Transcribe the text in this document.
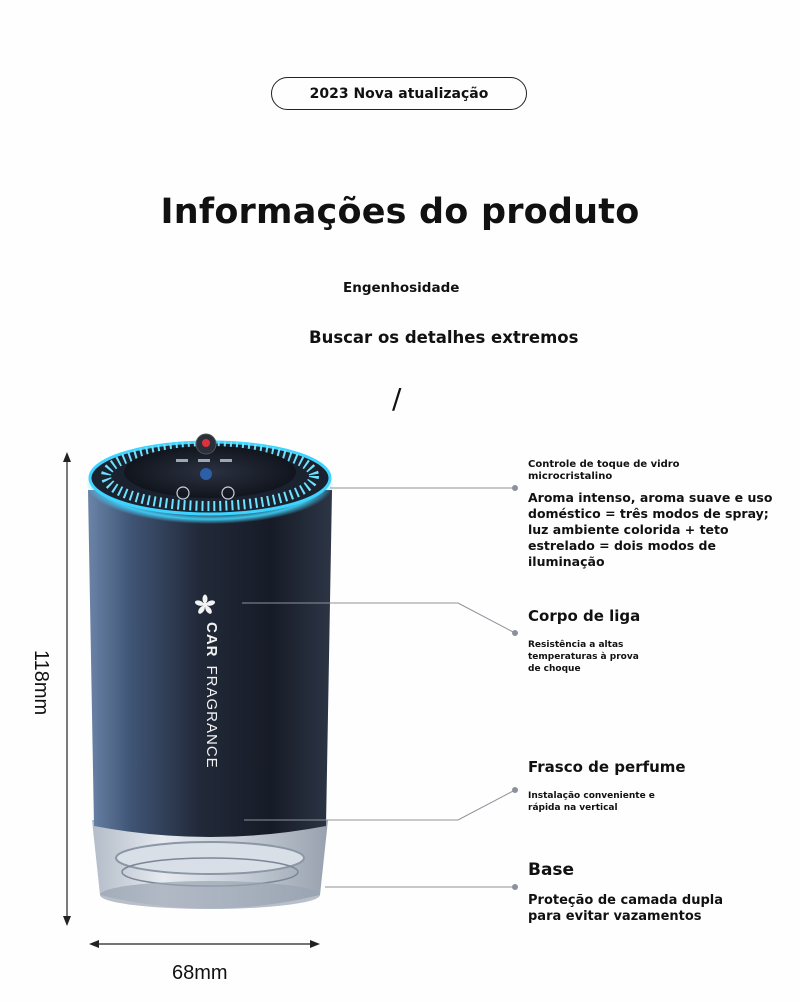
2023 Nova atualização
Informações do produto
Engenhosidade
Buscar os detalhes extremos
/
CARFRAGRANCE
118mm
68mm
Controle de toque de vidro microcristalino
Aroma intenso, aroma suave e uso doméstico = três modos de spray; luz ambiente colorida + teto estrelado = dois modos de iluminação
Corpo de liga
Resistência a altas temperaturas à prova de choque
Frasco de perfume
Instalação conveniente e rápida na vertical
Base
Proteção de camada dupla para evitar vazamentos
